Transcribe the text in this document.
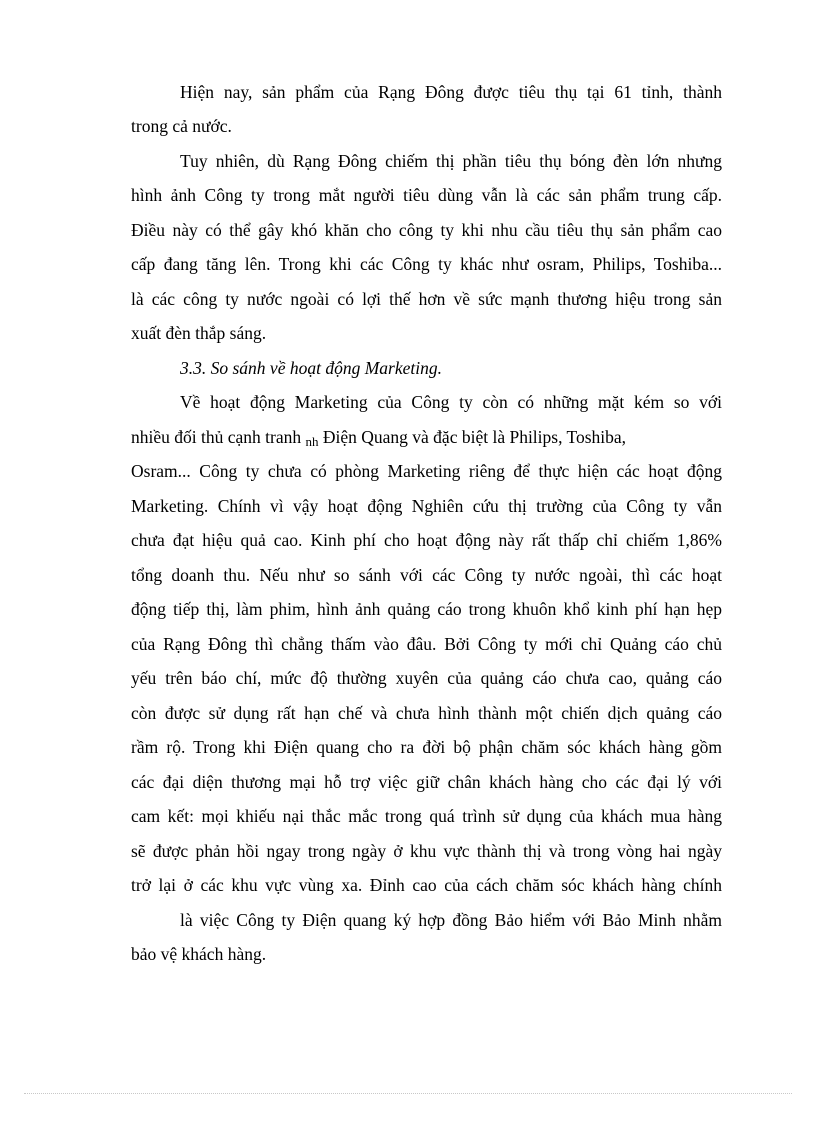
Hiện nay, sản phẩm của Rạng Đông được tiêu thụ tại 61 tỉnh, thành
trong cả nước.
Tuy nhiên, dù Rạng Đông chiếm thị phần tiêu thụ bóng đèn lớn nhưng
hình ảnh Công ty trong mắt người tiêu dùng vẫn là các sản phẩm trung cấp.
Điều này có thể gây khó khăn cho công ty khi nhu cầu tiêu thụ sản phẩm cao
cấp đang tăng lên. Trong khi các Công ty khác như osram, Philips, Toshiba...
là các công ty nước ngoài có lợi thế hơn về sức mạnh thương hiệu trong sản
xuất đèn thắp sáng.
3.3. So sánh về hoạt động Marketing.
Về hoạt động Marketing của Công ty còn có những mặt kém so với
nhiều đối thủ cạnh tranh nh Điện Quang và đặc biệt là Philips, Toshiba,
Osram... Công ty chưa có phòng Marketing riêng để thực hiện các hoạt động
Marketing. Chính vì vậy hoạt động Nghiên cứu thị trường của Công ty vẫn
chưa đạt hiệu quả cao. Kinh phí cho hoạt động này rất thấp chỉ chiếm 1,86%
tổng doanh thu. Nếu như so sánh với các Công ty nước ngoài, thì các hoạt
động tiếp thị, làm phim, hình ảnh quảng cáo trong khuôn khổ kinh phí hạn hẹp
của Rạng Đông thì chẳng thấm vào đâu. Bởi Công ty mới chỉ Quảng cáo chủ
yếu trên báo chí, mức độ thường xuyên của quảng cáo chưa cao, quảng cáo
còn được sử dụng rất hạn chế và chưa hình thành một chiến dịch quảng cáo
rầm rộ. Trong khi Điện quang cho ra đời bộ phận chăm sóc khách hàng gồm
các đại diện thương mại hỗ trợ việc giữ chân khách hàng cho các đại lý với
cam kết: mọi khiếu nại thắc mắc trong quá trình sử dụng của khách mua hàng
sẽ được phản hồi ngay trong ngày ở khu vực thành thị và trong vòng hai ngày
trở lại ở các khu vực vùng xa. Đỉnh cao của cách chăm sóc khách hàng chính
là việc Công ty Điện quang ký hợp đồng Bảo hiểm với Bảo Minh nhằm
bảo vệ khách hàng.
